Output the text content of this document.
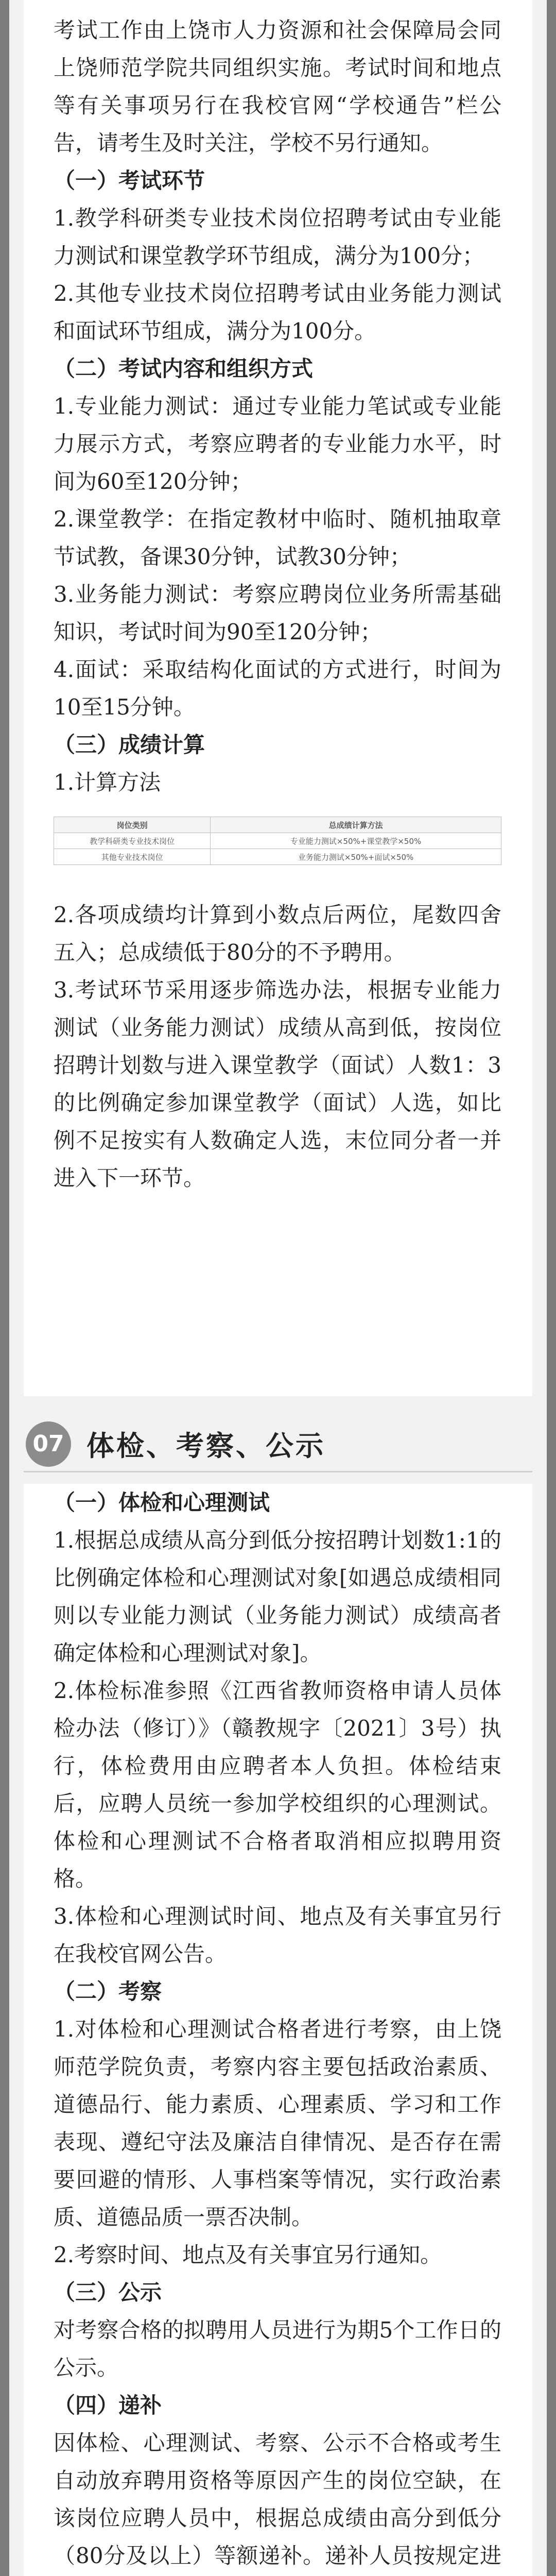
考试工作由上饶市人力资源和社会保障局会同上饶师范学院共同组织实施。考试时间和地点等有关事项另行在我校官网“学校通告”栏公告，请考生及时关注，学校不另行通知。

（一）考试环节

1.教学科研类专业技术岗位招聘考试由专业能力测试和课堂教学环节组成，满分为100分；

2.其他专业技术岗位招聘考试由业务能力测试和面试环节组成，满分为100分。

（二）考试内容和组织方式

1.专业能力测试：通过专业能力笔试或专业能力展示方式，考察应聘者的专业能力水平，时间为60至120分钟；

2.课堂教学：在指定教材中临时、随机抽取章节试教，备课30分钟，试教30分钟；

3.业务能力测试：考察应聘岗位业务所需基础知识，考试时间为90至120分钟；

4.面试：采取结构化面试的方式进行，时间为10至15分钟。

（三）成绩计算

1.计算方法

岗位类别	总成绩计算方法
教学科研类专业技术岗位	专业能力测试×50%+课堂教学×50%
其他专业技术岗位	业务能力测试×50%+面试×50%

2.各项成绩均计算到小数点后两位，尾数四舍五入；总成绩低于80分的不予聘用。

3.考试环节采用逐步筛选办法，根据专业能力测试（业务能力测试）成绩从高到低，按岗位招聘计划数与进入课堂教学（面试）人数1：3的比例确定参加课堂教学（面试）人选，如比例不足按实有人数确定人选，末位同分者一并进入下一环节。

07 体检、考察、公示

（一）体检和心理测试

1.根据总成绩从高分到低分按招聘计划数1:1的比例确定体检和心理测试对象[如遇总成绩相同则以专业能力测试（业务能力测试）成绩高者确定体检和心理测试对象]。

2.体检标准参照《江西省教师资格申请人员体检办法（修订）》（赣教规字〔2021〕3号）执行，体检费用由应聘者本人负担。体检结束后，应聘人员统一参加学校组织的心理测试。体检和心理测试不合格者取消相应拟聘用资格。

3.体检和心理测试时间、地点及有关事宜另行在我校官网公告。

（二）考察

1.对体检和心理测试合格者进行考察，由上饶师范学院负责，考察内容主要包括政治素质、道德品行、能力素质、心理素质、学习和工作表现、遵纪守法及廉洁自律情况、是否存在需要回避的情形、人事档案等情况，实行政治素质、道德品质一票否决制。

2.考察时间、地点及有关事宜另行通知。

（三）公示

对考察合格的拟聘用人员进行为期5个工作日的公示。

（四）递补

因体检、心理测试、考察、公示不合格或考生自动放弃聘用资格等原因产生的岗位空缺，在该岗位应聘人员中，根据总成绩由高分到低分（80分及以上）等额递补。递补人员按规定进
